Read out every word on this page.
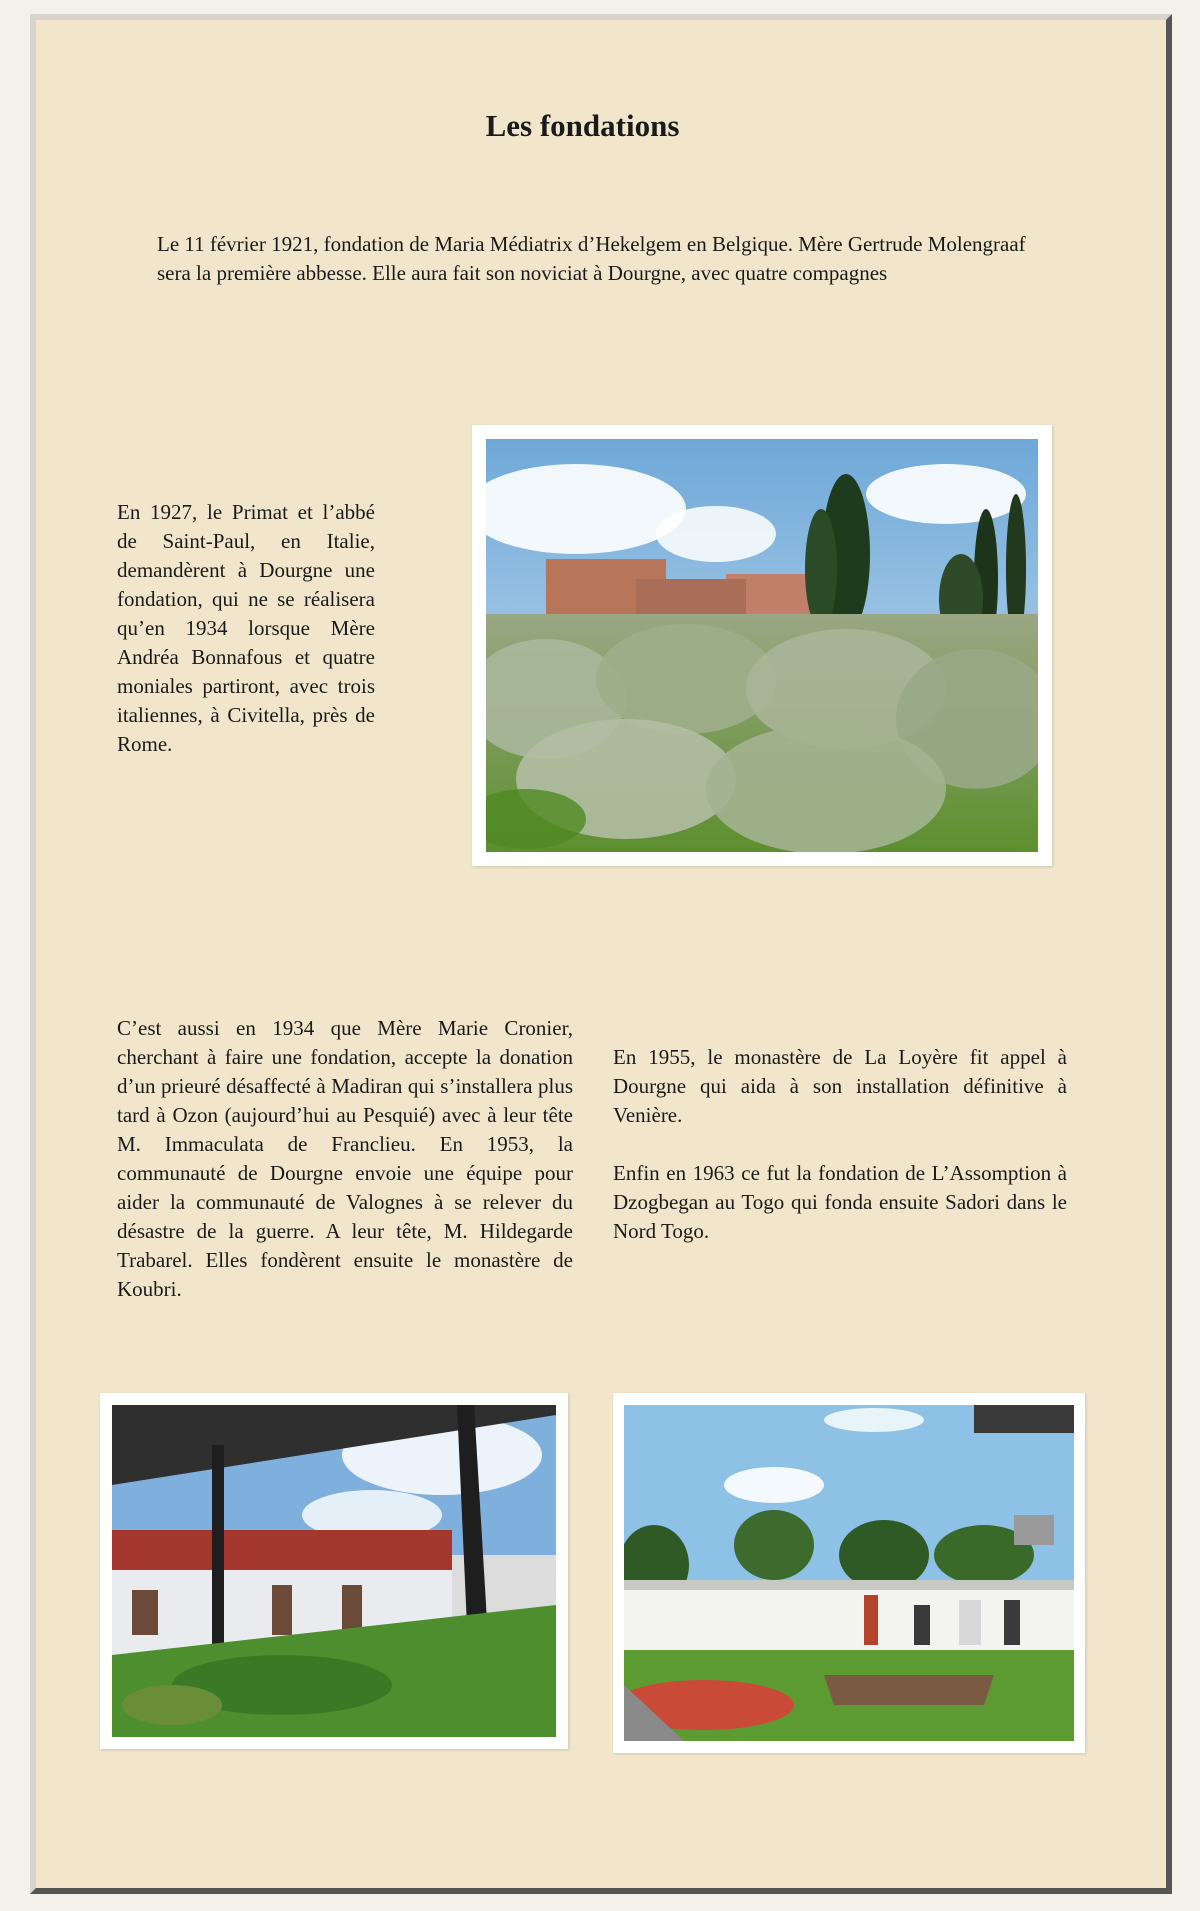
Les fondations
Le 11 février 1921, fondation de Maria Médiatrix d’Hekelgem en Belgique. Mère Gertrude Molengraaf sera la première abbesse. Elle aura fait son noviciat à Dourgne, avec quatre compagnes

En 1927, le Primat et l’abbé de Saint-Paul, en Italie, demandèrent à Dourgne une fondation, qui ne se réalisera qu’en 1934 lorsque Mère Andréa Bonnafous et quatre moniales partiront, avec trois italiennes, à Civitella, près de Rome.

C’est aussi en 1934 que Mère Marie Cronier, cherchant à faire une fondation, accepte la donation d’un prieuré désaffecté à Madiran qui s’installera plus tard à Ozon (aujourd’hui au Pesquié) avec à leur tête M. Immaculata de Franclieu. En 1953, la communauté de Dourgne envoie une équipe pour aider la communauté de Valognes à se relever du désastre de la guerre. A leur tête, M. Hildegarde Trabarel. Elles fondèrent ensuite le monastère de Koubri.

En 1955, le monastère de La Loyère fit appel à Dourgne qui aida à son installation définitive à Venière.

Enfin en 1963 ce fut la fondation de L’Assomption à Dzogbegan au Togo qui fonda ensuite Sadori dans le Nord Togo.
